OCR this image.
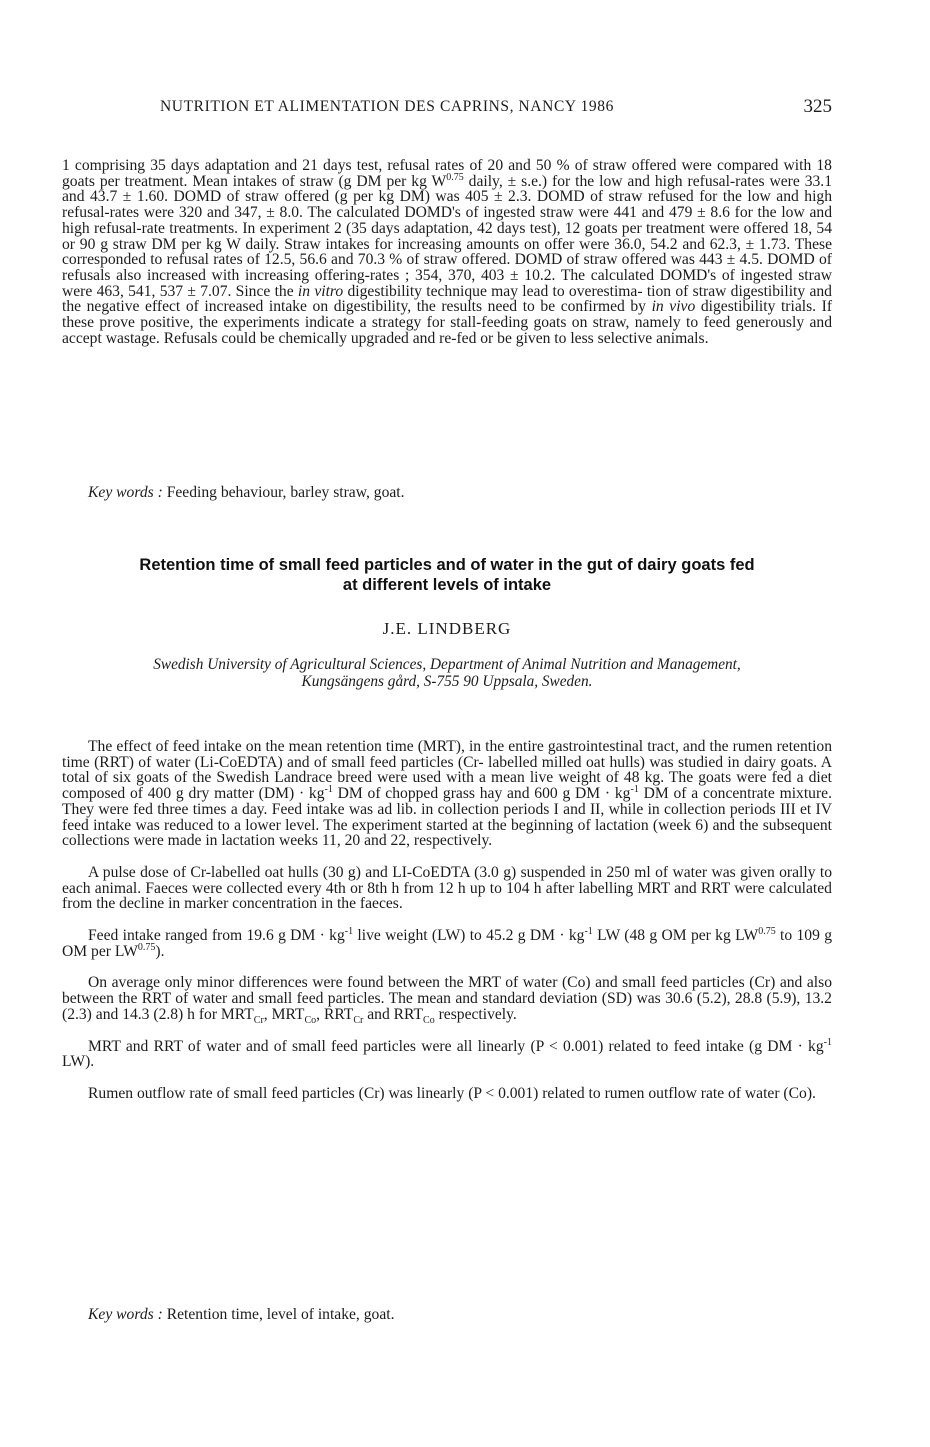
NUTRITION ET ALIMENTATION DES CAPRINS, NANCY 1986	325

1 comprising 35 days adaptation and 21 days test, refusal rates of 20 and 50 % of straw offered were compared with 18 goats per treatment. Mean intakes of straw (g DM per kg $W^{0.75}$ daily, ± s.e.) for the low and high refusal-rates were 33.1 and 43.7 ± 1.60. DOMD of straw offered (g per kg DM) was 405 ± 2.3. DOMD of straw refused for the low and high refusal-rates were 320 and 347, ± 8.0. The calculated DOMD's of ingested straw were 441 and 479 ± 8.6 for the low and high refusal-rate treatments. In experiment 2 (35 days adaptation, 42 days test), 12 goats per treatment were offered 18, 54 or 90 g straw DM per kg W daily. Straw intakes for increasing amounts on offer were 36.0, 54.2 and 62.3, ± 1.73. These corresponded to refusal rates of 12.5, 56.6 and 70.3 % of straw offered. DOMD of straw offered was 443 ± 4.5. DOMD of refusals also increased with increasing offering-rates ; 354, 370, 403 ± 10.2. The calculated DOMD's of ingested straw were 463, 541, 537 ± 7.07. Since the in vitro digestibility technique may lead to overestima- tion of straw digestibility and the negative effect of increased intake on digestibility, the results need to be confirmed by in vivo digestibility trials. If these prove positive, the experiments indicate a strategy for stall-feeding goats on straw, namely to feed generously and accept wastage. Refusals could be chemically upgraded and re-fed or be given to less selective animals.

Key words : Feeding behaviour, barley straw, goat.
Retention time of small feed particles and of water in the gut of dairy goats fed
at different levels of intake
J.E. LINDBERG
Swedish University of Agricultural Sciences, Department of Animal Nutrition and Management,
Kungsängens gård, S-755 90 Uppsala, Sweden.

The effect of feed intake on the mean retention time (MRT), in the entire gastrointestinal tract, and the rumen retention time (RRT) of water (Li-CoEDTA) and of small feed particles (Cr- labelled milled oat hulls) was studied in dairy goats. A total of six goats of the Swedish Landrace breed were used with a mean live weight of 48 kg. The goats were fed a diet composed of 400 g dry matter $(DM) \cdot kg^{-1}$ DM of chopped grass hay and 600 g DM · $kg^{-1}$ DM of a concentrate mixture. They were fed three times a day. Feed intake was ad lib. in collection periods I and II, while in collection periods III et IV feed intake was reduced to a lower level. The experiment started at the beginning of lactation (week 6) and the subsequent collections were made in lactation weeks 11, 20 and 22, respectively.

A pulse dose of Cr-labelled oat hulls (30 g) and LI-CoEDTA (3.0 g) suspended in 250 ml of water was given orally to each animal. Faeces were collected every 4th or 8th h from 12 h up to 104 h after labelling MRT and RRT were calculated from the decline in marker concentration in the faeces.

Feed intake ranged from 19.6 g DM · $kg^{-1}$ live weight (LW) to 45.2 g DM · $kg^{-1}$ LW (48 g OM per kg $LW^{0.75}$ to 109 g OM per $LW^{0.75}$).

On average only minor differences were found between the MRT of water (Co) and small feed particles (Cr) and also between the RRT of water and small feed particles. The mean and standard deviation (SD) was 30.6 (5.2), 28.8 (5.9), 13.2 (2.3) and 14.3 (2.8) h for $MRT_{Cr}$, $MRT_{Co}$, $RRT_{Cr}$ and $RRT_{Co}$ respectively.

MRT and RRT of water and of small feed particles were all linearly (P < 0.001) related to feed intake (g DM · $kg^{-1}$ LW).

Rumen outflow rate of small feed particles (Cr) was linearly (P < 0.001) related to rumen outflow rate of water (Co).

Key words : Retention time, level of intake, goat.
